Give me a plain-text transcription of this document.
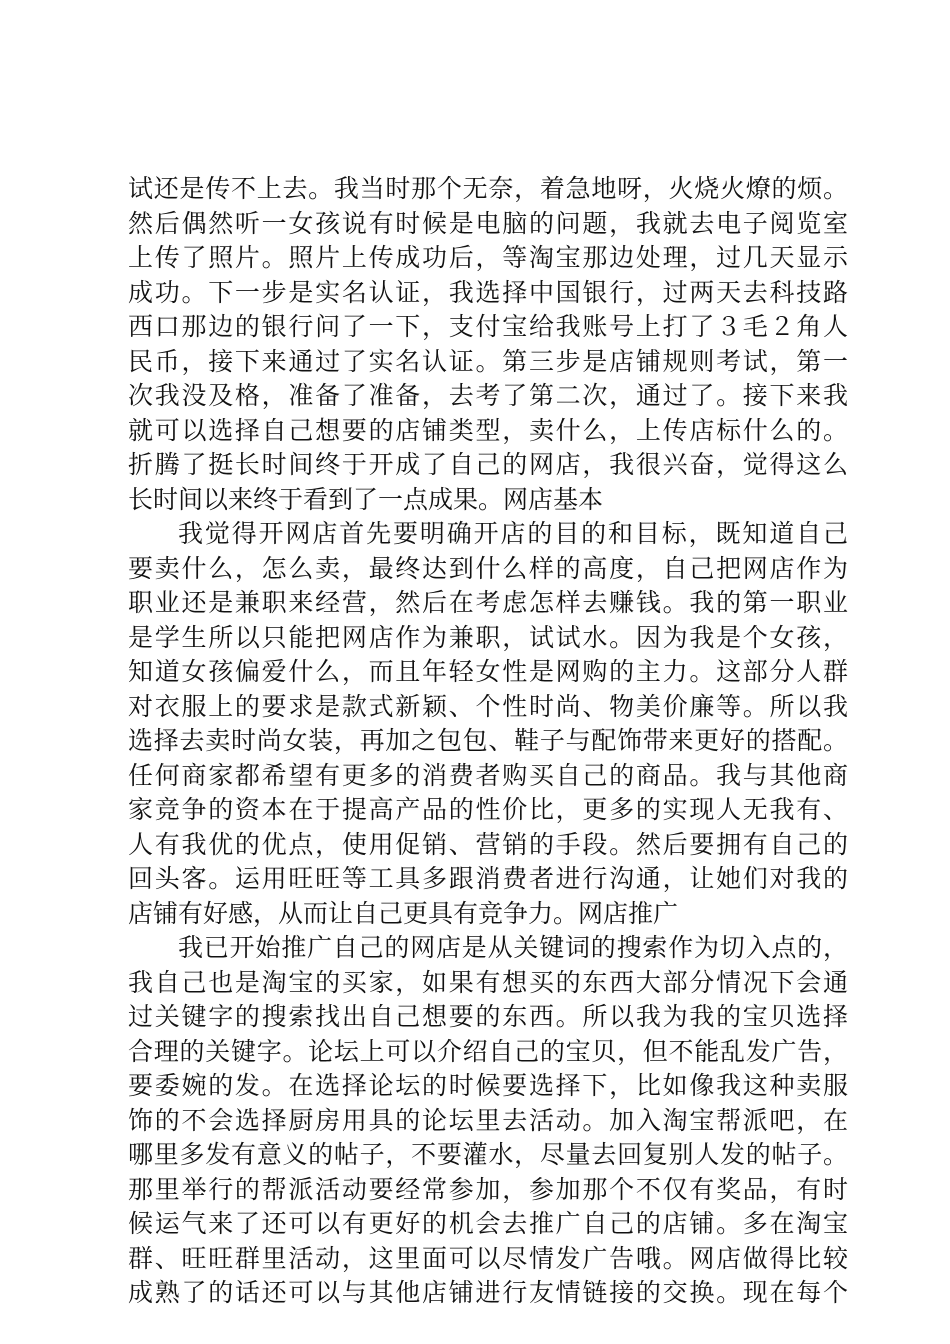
试还是传不上去。我当时那个无奈，着急地呀，火烧火燎的烦。
然后偶然听一女孩说有时候是电脑的问题，我就去电子阅览室
上传了照片。照片上传成功后，等淘宝那边处理，过几天显示
成功。下一步是实名认证，我选择中国银行，过两天去科技路
西口那边的银行问了一下，支付宝给我账号上打了３毛２角人
民币，接下来通过了实名认证。第三步是店铺规则考试，第一
次我没及格，准备了准备，去考了第二次，通过了。接下来我
就可以选择自己想要的店铺类型，卖什么，上传店标什么的。
折腾了挺长时间终于开成了自己的网店，我很兴奋，觉得这么
长时间以来终于看到了一点成果。网店基本
我觉得开网店首先要明确开店的目的和目标，既知道自己
要卖什么，怎么卖，最终达到什么样的高度，自己把网店作为
职业还是兼职来经营，然后在考虑怎样去赚钱。我的第一职业
是学生所以只能把网店作为兼职，试试水。因为我是个女孩，
知道女孩偏爱什么，而且年轻女性是网购的主力。这部分人群
对衣服上的要求是款式新颖、个性时尚、物美价廉等。所以我
选择去卖时尚女装，再加之包包、鞋子与配饰带来更好的搭配。
任何商家都希望有更多的消费者购买自己的商品。我与其他商
家竞争的资本在于提高产品的性价比，更多的实现人无我有、
人有我优的优点，使用促销、营销的手段。然后要拥有自己的
回头客。运用旺旺等工具多跟消费者进行沟通，让她们对我的
店铺有好感，从而让自己更具有竞争力。网店推广
我已开始推广自己的网店是从关键词的搜索作为切入点的，
我自己也是淘宝的买家，如果有想买的东西大部分情况下会通
过关键字的搜索找出自己想要的东西。所以我为我的宝贝选择
合理的关键字。论坛上可以介绍自己的宝贝，但不能乱发广告，
要委婉的发。在选择论坛的时候要选择下，比如像我这种卖服
饰的不会选择厨房用具的论坛里去活动。加入淘宝帮派吧，在
哪里多发有意义的帖子，不要灌水，尽量去回复别人发的帖子。
那里举行的帮派活动要经常参加，参加那个不仅有奖品，有时
候运气来了还可以有更好的机会去推广自己的店铺。多在淘宝
群、旺旺群里活动，这里面可以尽情发广告哦。网店做得比较
成熟了的话还可以与其他店铺进行友情链接的交换。现在每个
